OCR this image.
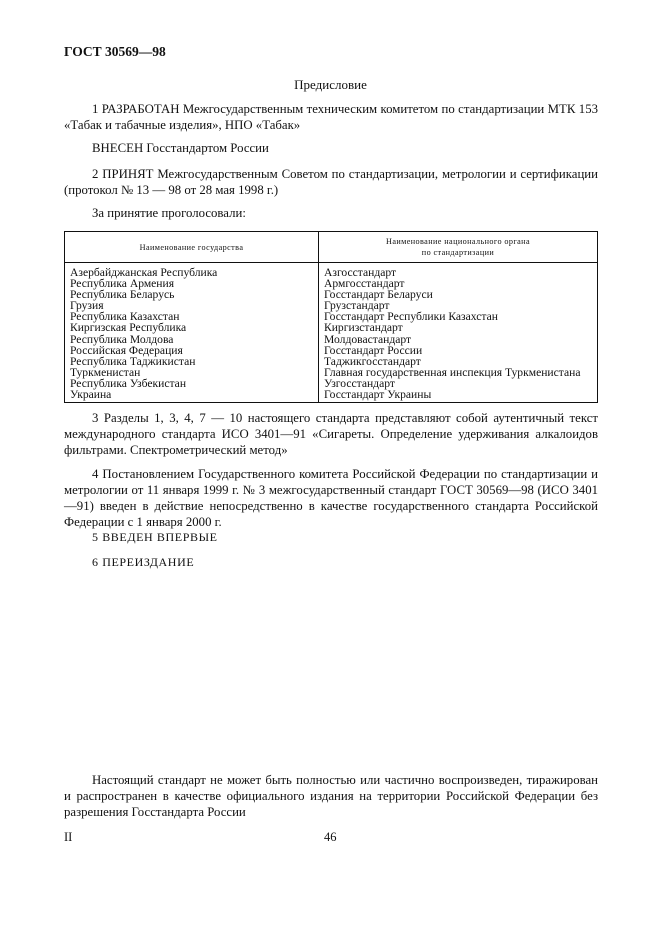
ГОСТ 30569—98
Предисловие
1 РАЗРАБОТАН Межгосударственным техническим комитетом по стандартизации МТК 153 «Табак и табачные изделия», НПО «Табак»
ВНЕСЕН Госстандартом России
2 ПРИНЯТ Межгосударственным Советом по стандартизации, метрологии и сертификации (протокол № 13 — 98 от 28 мая 1998 г.)
За принятие проголосовали:
Наименование государства	Наименование национального органа по стандартизации
Азербайджанская Республика	Азгосстандарт
Республика Армения	Армгосстандарт
Республика Беларусь	Госстандарт Беларуси
Грузия	Грузстандарт
Республика Казахстан	Госстандарт Республики Казахстан
Киргизская Республика	Киргизстандарт
Республика Молдова	Молдовастандарт
Российская Федерация	Госстандарт России
Республика Таджикистан	Таджикгосстандарт
Туркменистан	Главная государственная инспекция Туркменистана
Республика Узбекистан	Узгосстандарт
Украина	Госстандарт Украины
3 Разделы 1, 3, 4, 7 — 10 настоящего стандарта представляют собой аутентичный текст международного стандарта ИСО 3401—91 «Сигареты. Определение удерживания алкалоидов фильтрами. Спектрометрический метод»
4 Постановлением Государственного комитета Российской Федерации по стандартизации и метрологии от 11 января 1999 г. № 3 межгосударственный стандарт ГОСТ 30569—98 (ИСО 3401—91) введен в действие непосредственно в качестве государственного стандарта Российской Федерации с 1 января 2000 г.
5 ВВЕДЕН ВПЕРВЫЕ
6 ПЕРЕИЗДАНИЕ
Настоящий стандарт не может быть полностью или частично воспроизведен, тиражирован и распространен в качестве официального издания на территории Российской Федерации без разрешения Госстандарта России
II	46
